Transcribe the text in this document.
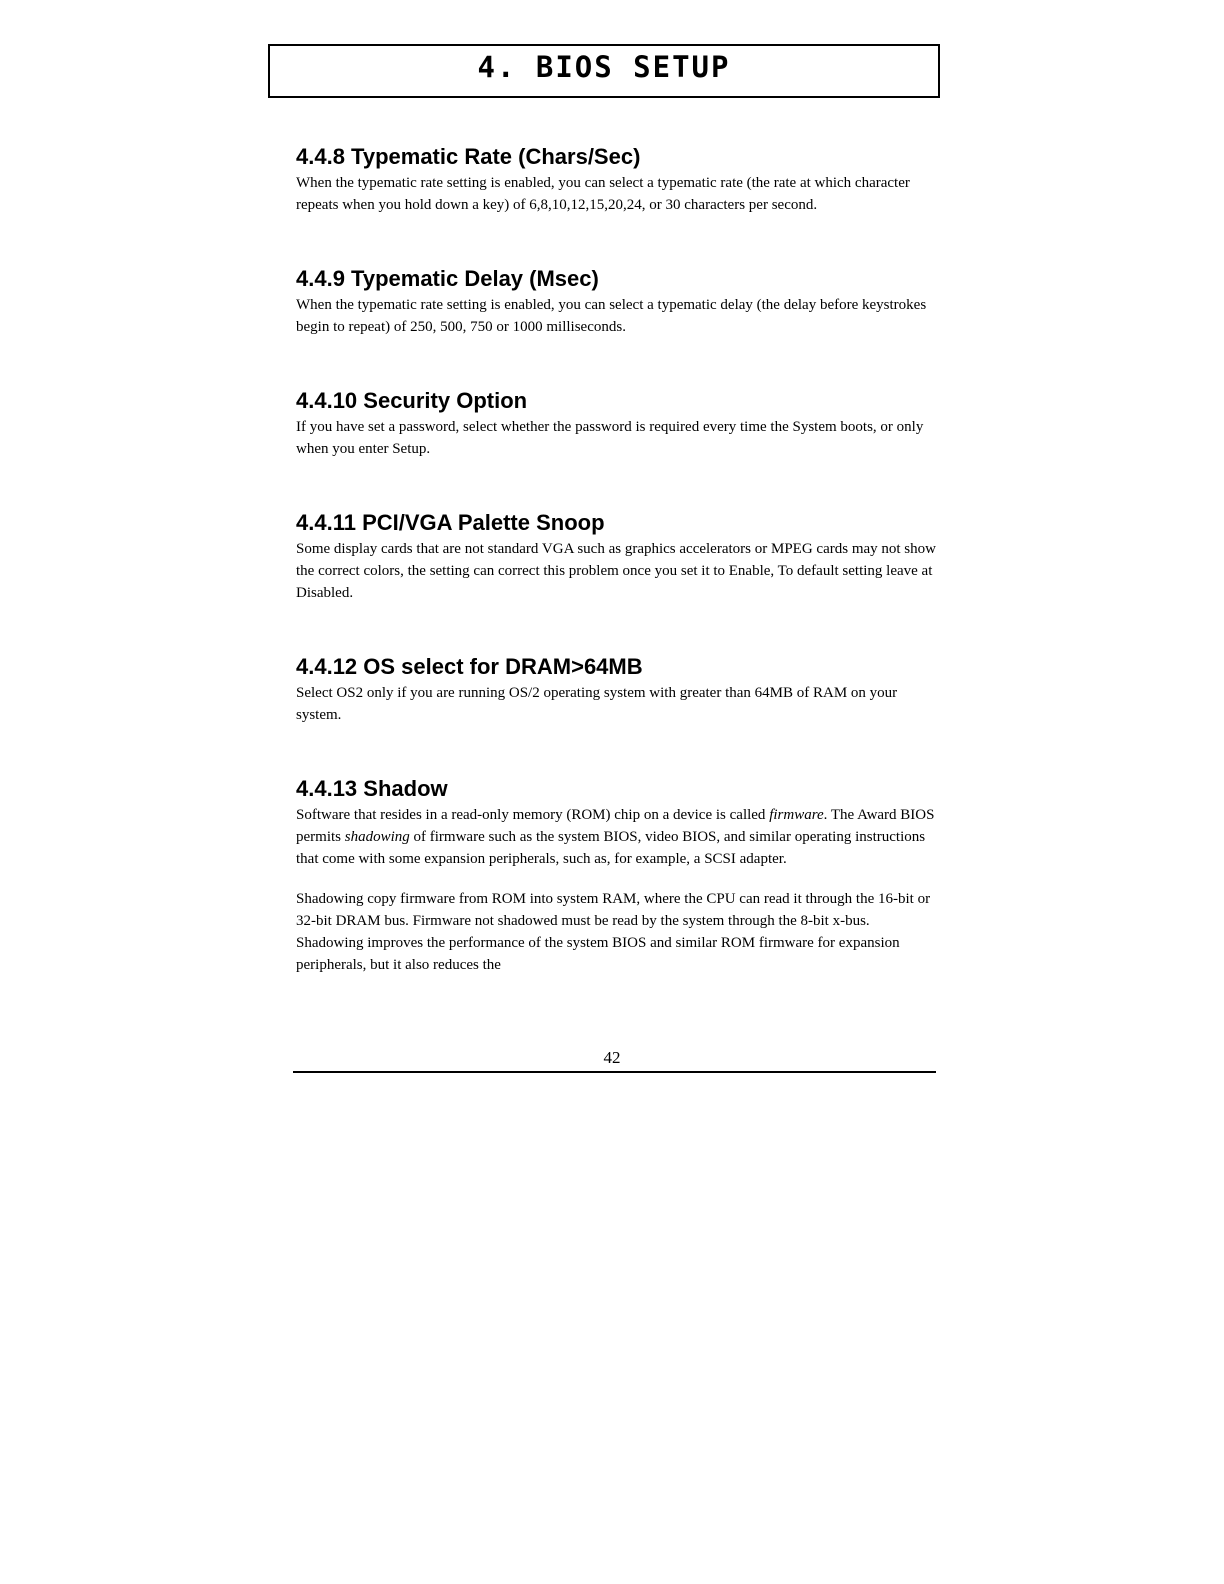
4. BIOS SETUP
4.4.8 Typematic Rate (Chars/Sec)

When the typematic rate setting is enabled, you can select a typematic rate (the rate at which character repeats when you hold down a key) of 6,8,10,12,15,20,24, or 30 characters per second.

4.4.9 Typematic Delay (Msec)

When the typematic rate setting is enabled, you can select a typematic delay (the delay before keystrokes begin to repeat) of 250, 500, 750 or 1000 milliseconds.

4.4.10 Security Option

If you have set a password, select whether the password is required every time the System boots, or only when you enter Setup.

4.4.11 PCI/VGA Palette Snoop

Some display cards that are not standard VGA such as graphics accelerators or MPEG cards may not show the correct colors, the setting can correct this problem once you set it to Enable, To default setting leave at Disabled.

4.4.12 OS select for DRAM>64MB

Select OS2 only if you are running OS/2 operating system with greater than 64MB of RAM on your system.

4.4.13 Shadow

Software that resides in a read-only memory (ROM) chip on a device is called firmware. The Award BIOS permits shadowing of firmware such as the system BIOS, video BIOS, and similar operating instructions that come with some expansion peripherals, such as, for example, a SCSI adapter.

Shadowing copy firmware from ROM into system RAM, where the CPU can read it through the 16-bit or 32-bit DRAM bus. Firmware not shadowed must be read by the system through the 8-bit x-bus. Shadowing improves the performance of the system BIOS and similar ROM firmware for expansion peripherals, but it also reduces the

42
